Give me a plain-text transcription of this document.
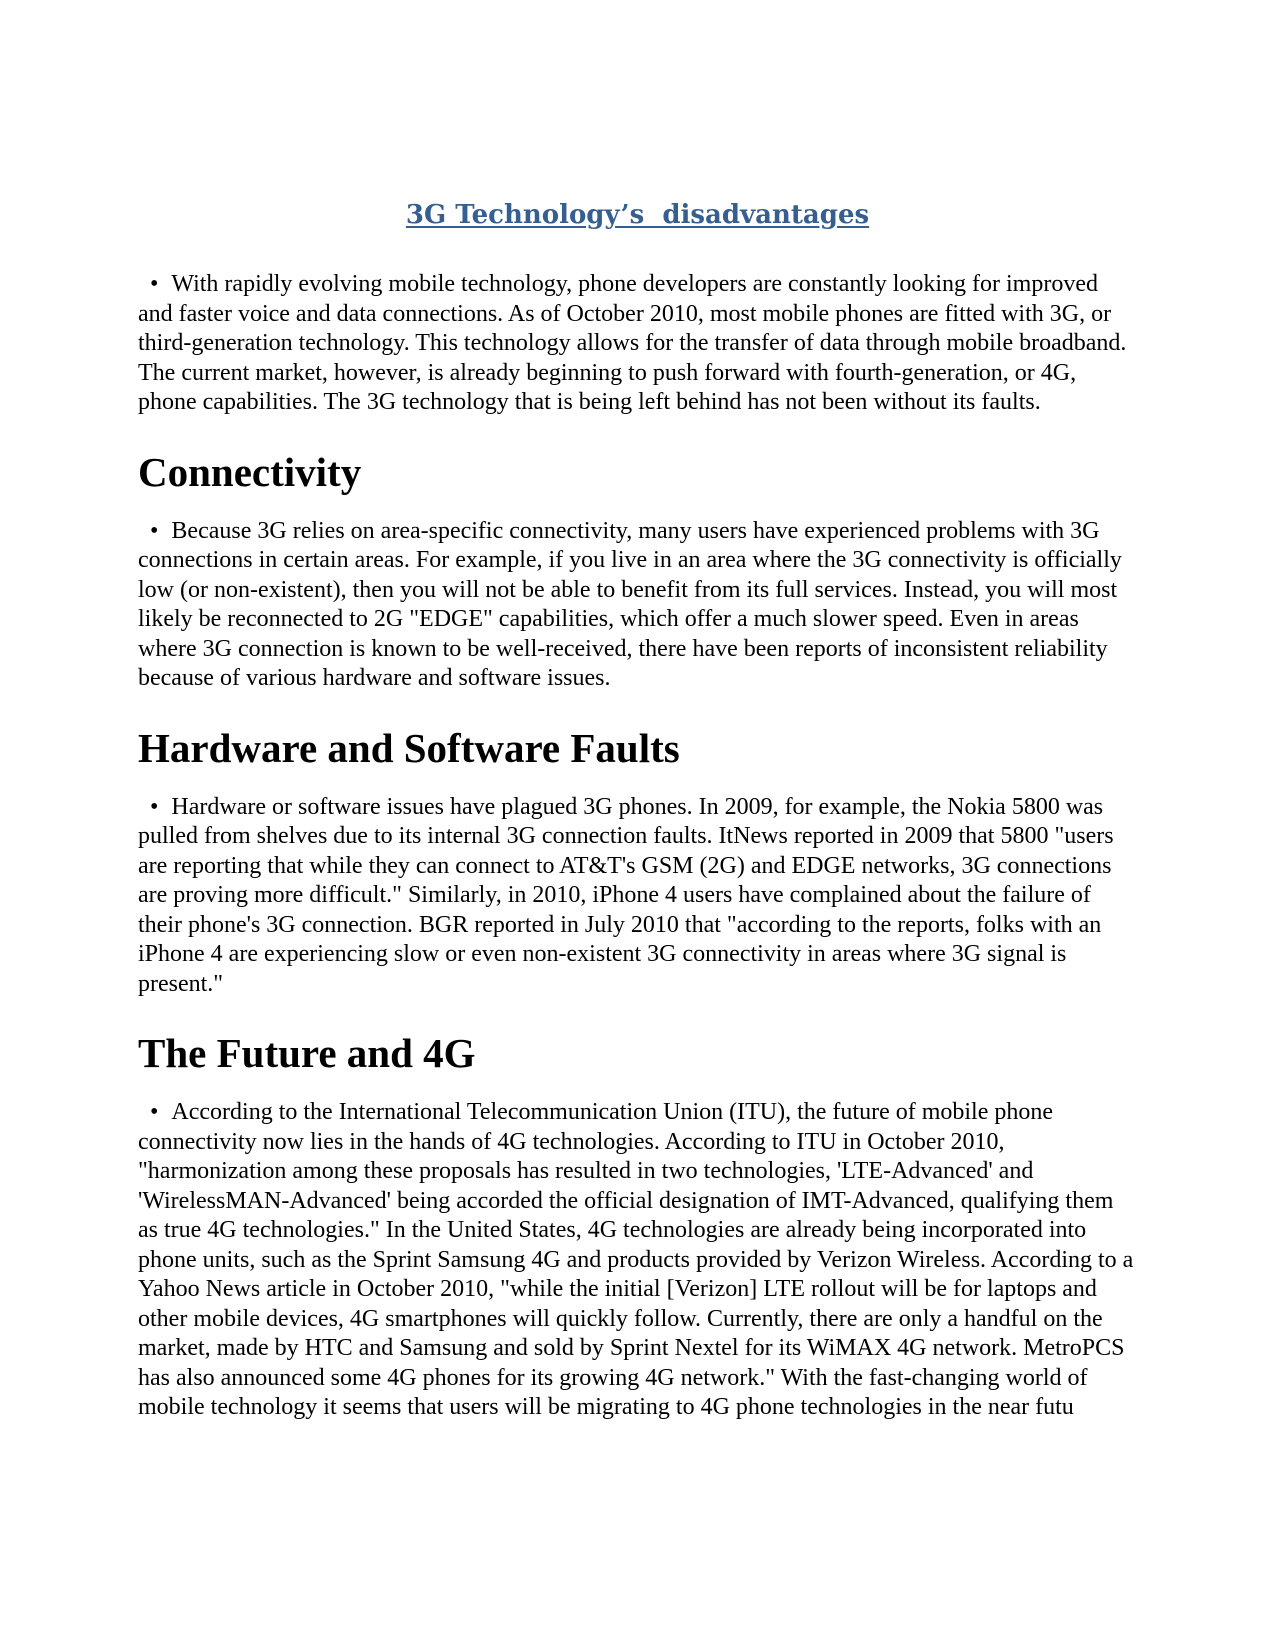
3G Technology’s  disadvantages

• With rapidly evolving mobile technology, phone developers are constantly looking for improved and faster voice and data connections. As of October 2010, most mobile phones are fitted with 3G, or third-generation technology. This technology allows for the transfer of data through mobile broadband. The current market, however, is already beginning to push forward with fourth-generation, or 4G, phone capabilities. The 3G technology that is being left behind has not been without its faults.

Connectivity

• Because 3G relies on area-specific connectivity, many users have experienced problems with 3G connections in certain areas. For example, if you live in an area where the 3G connectivity is officially low (or non-existent), then you will not be able to benefit from its full services. Instead, you will most likely be reconnected to 2G "EDGE" capabilities, which offer a much slower speed. Even in areas where 3G connection is known to be well-received, there have been reports of inconsistent reliability because of various hardware and software issues.

Hardware and Software Faults

• Hardware or software issues have plagued 3G phones. In 2009, for example, the Nokia 5800 was pulled from shelves due to its internal 3G connection faults. ItNews reported in 2009 that 5800 "users are reporting that while they can connect to AT&T's GSM (2G) and EDGE networks, 3G connections are proving more difficult." Similarly, in 2010, iPhone 4 users have complained about the failure of their phone's 3G connection. BGR reported in July 2010 that "according to the reports, folks with an iPhone 4 are experiencing slow or even non-existent 3G connectivity in areas where 3G signal is present."

The Future and 4G

• According to the International Telecommunication Union (ITU), the future of mobile phone connectivity now lies in the hands of 4G technologies. According to ITU in October 2010, "harmonization among these proposals has resulted in two technologies, 'LTE-Advanced' and 'WirelessMAN-Advanced' being accorded the official designation of IMT-Advanced, qualifying them as true 4G technologies." In the United States, 4G technologies are already being incorporated into phone units, such as the Sprint Samsung 4G and products provided by Verizon Wireless. According to a Yahoo News article in October 2010, "while the initial [Verizon] LTE rollout will be for laptops and other mobile devices, 4G smartphones will quickly follow. Currently, there are only a handful on the market, made by HTC and Samsung and sold by Sprint Nextel for its WiMAX 4G network. MetroPCS has also announced some 4G phones for its growing 4G network." With the fast-changing world of mobile technology it seems that users will be migrating to 4G phone technologies in the near futu
